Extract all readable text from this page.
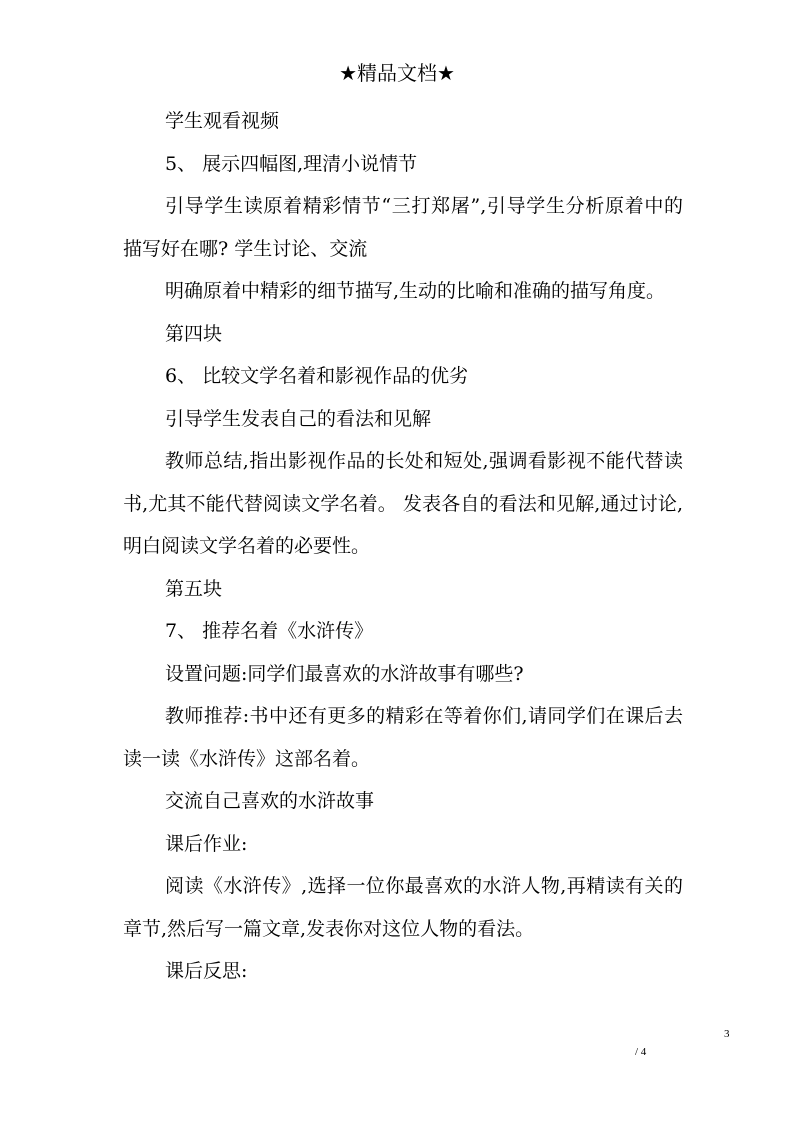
★精品文档★

学生观看视频

5、 展示四幅图,理清小说情节

引导学生读原着精彩情节“三打郑屠”,引导学生分析原着中的描写好在哪? 学生讨论、交流

明确原着中精彩的细节描写,生动的比喻和准确的描写角度。

第四块

6、 比较文学名着和影视作品的优劣

引导学生发表自己的看法和见解

教师总结,指出影视作品的长处和短处,强调看影视不能代替读书,尤其不能代替阅读文学名着。 发表各自的看法和见解,通过讨论,明白阅读文学名着的必要性。

第五块

7、 推荐名着《水浒传》

设置问题:同学们最喜欢的水浒故事有哪些?

教师推荐:书中还有更多的精彩在等着你们,请同学们在课后去读一读《水浒传》这部名着。

交流自己喜欢的水浒故事

课后作业:

阅读《水浒传》,选择一位你最喜欢的水浒人物,再精读有关的章节,然后写一篇文章,发表你对这位人物的看法。

课后反思:

3
/ 4
